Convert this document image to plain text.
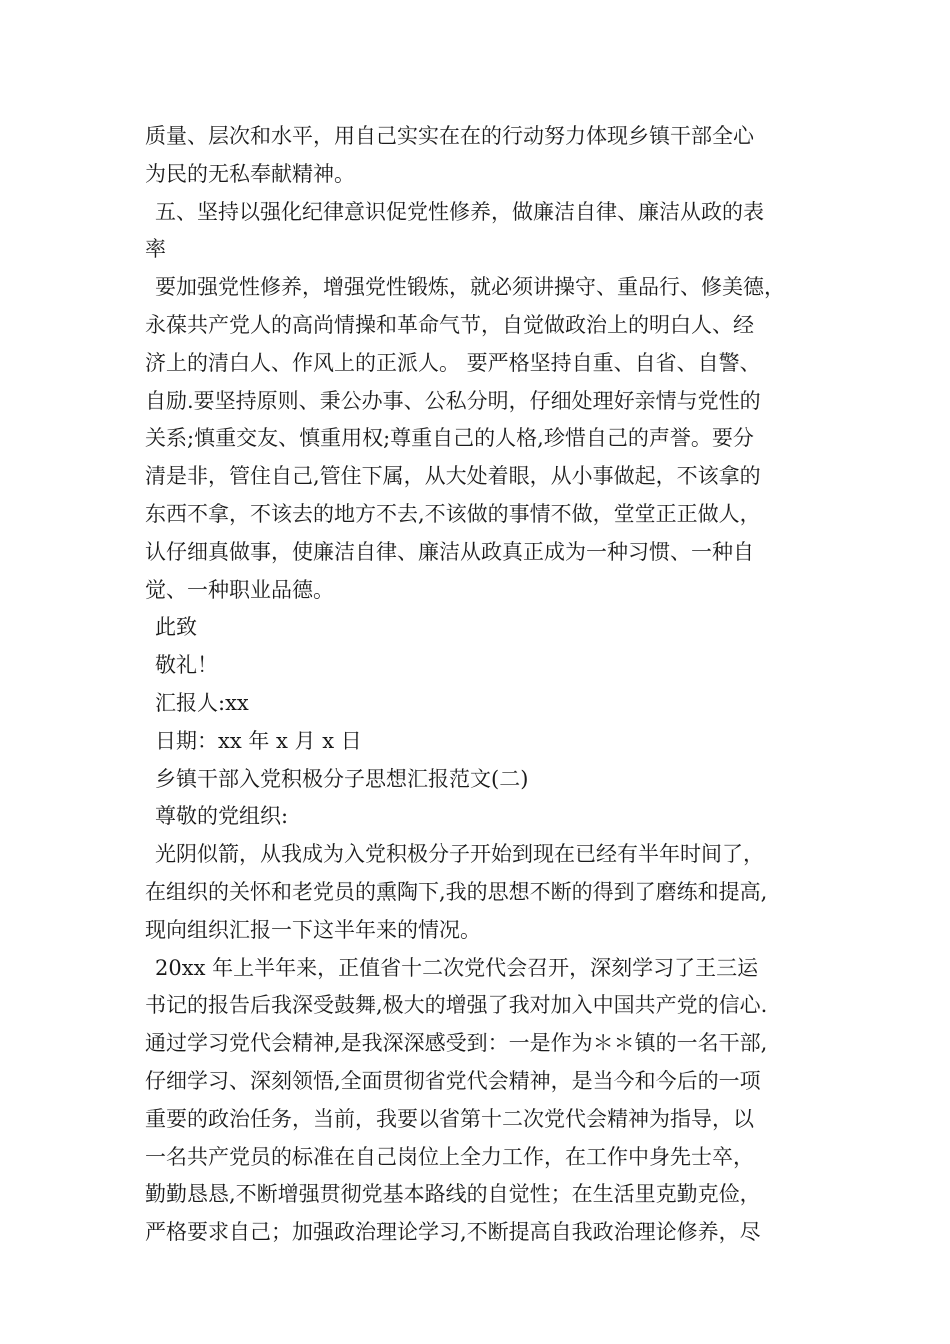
质量、层次和水平，用自己实实在在的行动努力体现乡镇干部全心
为民的无私奉献精神。
五、坚持以强化纪律意识促党性修养，做廉洁自律、廉洁从政的表
率
要加强党性修养，增强党性锻炼，就必须讲操守、重品行、修美德，
永葆共产党人的高尚情操和革命气节，自觉做政治上的明白人、经
济上的清白人、作风上的正派人。 要严格坚持自重、自省、自警、
自励.要坚持原则、秉公办事、公私分明，仔细处理好亲情与党性的
关系;慎重交友、慎重用权;尊重自己的人格,珍惜自己的声誉。要分
清是非，管住自己,管住下属，从大处着眼，从小事做起，不该拿的
东西不拿，不该去的地方不去,不该做的事情不做，堂堂正正做人，
认仔细真做事，使廉洁自律、廉洁从政真正成为一种习惯、一种自
觉、一种职业品德。
此致
敬礼！
汇报人:xx
日期：xx 年 x 月 x 日
乡镇干部入党积极分子思想汇报范文(二)
尊敬的党组织:
光阴似箭，从我成为入党积极分子开始到现在已经有半年时间了，
在组织的关怀和老党员的熏陶下,我的思想不断的得到了磨练和提高,
现向组织汇报一下这半年来的情况。
20xx 年上半年来，正值省十二次党代会召开，深刻学习了王三运
书记的报告后我深受鼓舞,极大的增强了我对加入中国共产党的信心.
通过学习党代会精神,是我深深感受到：一是作为＊＊镇的一名干部,
仔细学习、深刻领悟,全面贯彻省党代会精神，是当今和今后的一项
重要的政治任务，当前，我要以省第十二次党代会精神为指导，以
一名共产党员的标准在自己岗位上全力工作，在工作中身先士卒，
勤勤恳恳,不断增强贯彻党基本路线的自觉性；在生活里克勤克俭，
严格要求自己；加强政治理论学习,不断提高自我政治理论修养，尽
